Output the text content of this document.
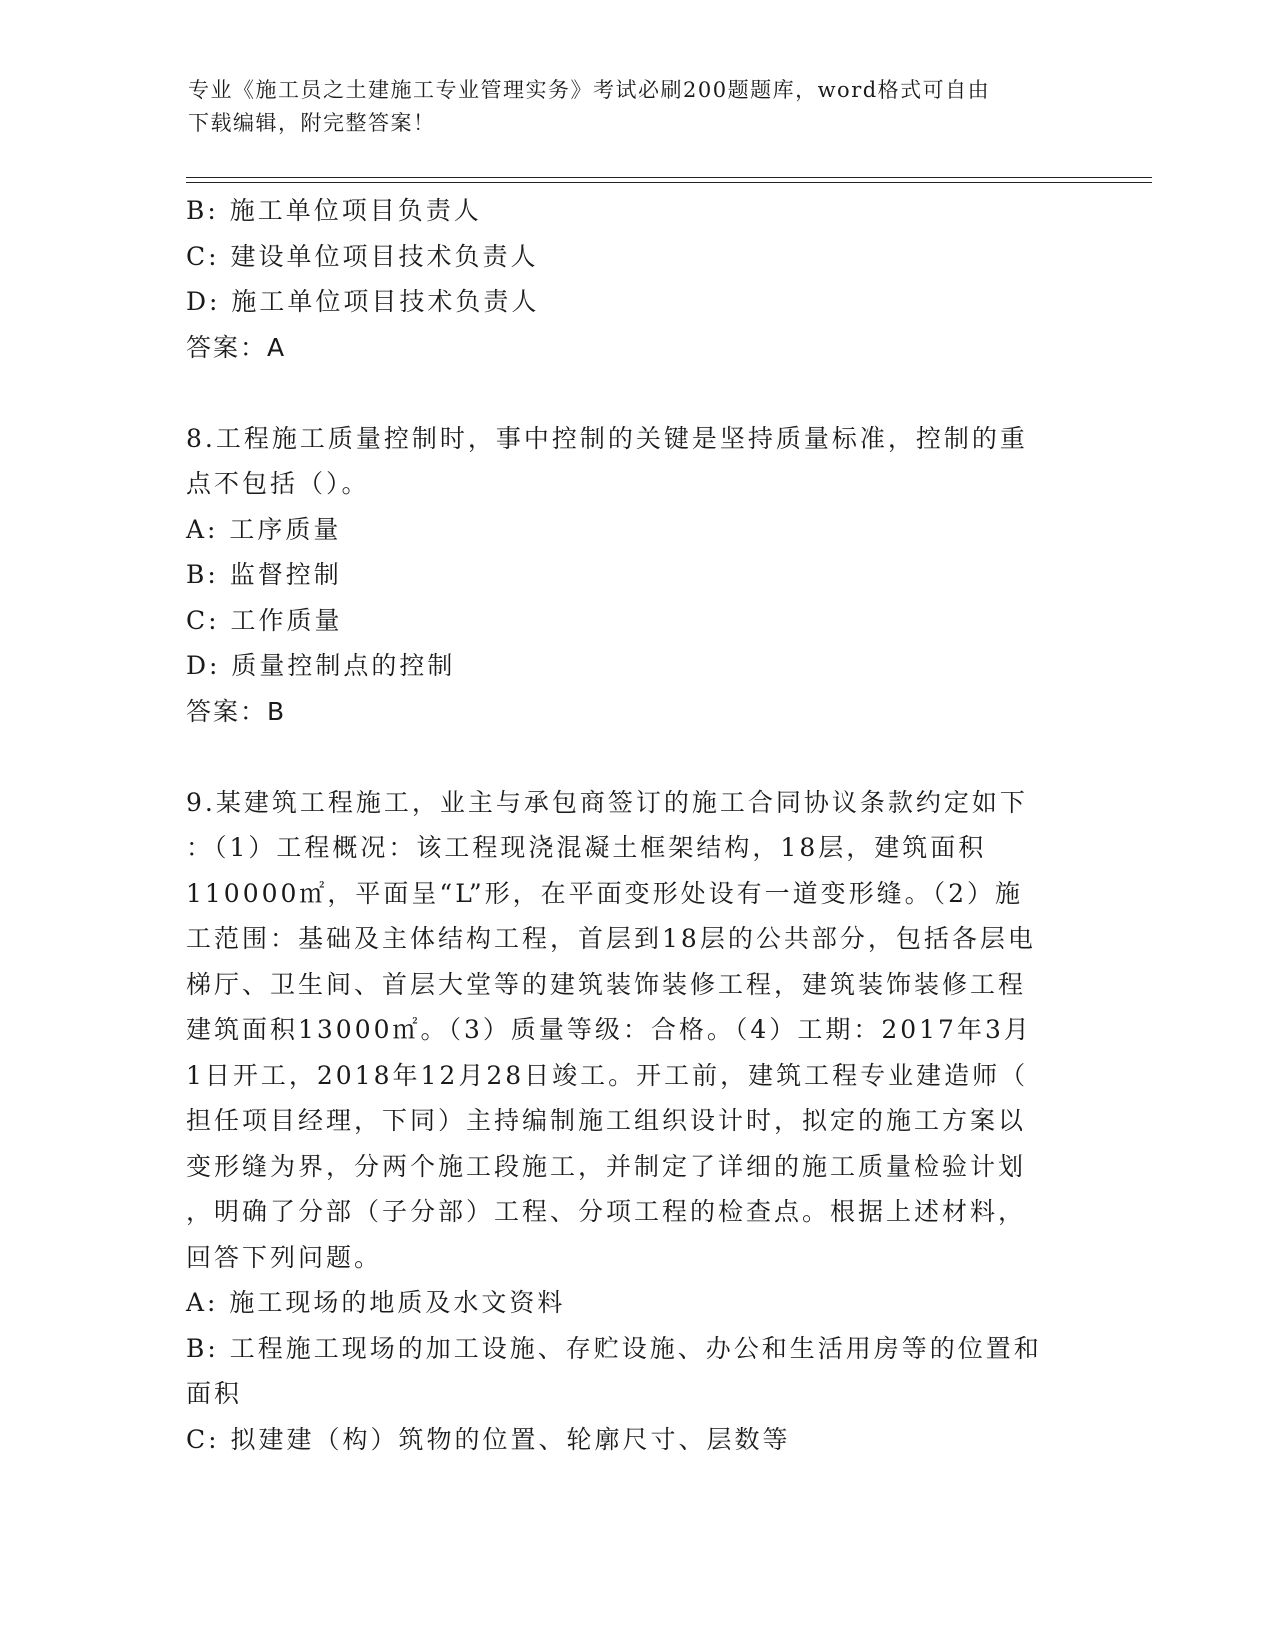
专业《施工员之土建施工专业管理实务》考试必刷200题题库，word格式可自由
下载编辑，附完整答案！

B: 施工单位项目负责人

C: 建设单位项目技术负责人

D: 施工单位项目技术负责人

答案：A

8.工程施工质量控制时，事中控制的关键是坚持质量标准，控制的重

点不包括（）。

A: 工序质量

B: 监督控制

C: 工作质量

D: 质量控制点的控制

答案：B

9.某建筑工程施工，业主与承包商签订的施工合同协议条款约定如下

：（1）工程概况：该工程现浇混凝土框架结构，18层，建筑面积

110000㎡，平面呈“L”形，在平面变形处设有一道变形缝。（2）施

工范围：基础及主体结构工程，首层到18层的公共部分，包括各层电

梯厅、卫生间、首层大堂等的建筑装饰装修工程，建筑装饰装修工程

建筑面积13000㎡。（3）质量等级：合格。（4）工期：2017年3月

1日开工，2018年12月28日竣工。开工前，建筑工程专业建造师（

担任项目经理，下同）主持编制施工组织设计时，拟定的施工方案以

变形缝为界，分两个施工段施工，并制定了详细的施工质量检验计划

，明确了分部（子分部）工程、分项工程的检查点。根据上述材料，

回答下列问题。

A: 施工现场的地质及水文资料

B: 工程施工现场的加工设施、存贮设施、办公和生活用房等的位置和

面积

C: 拟建建（构）筑物的位置、轮廓尺寸、层数等
